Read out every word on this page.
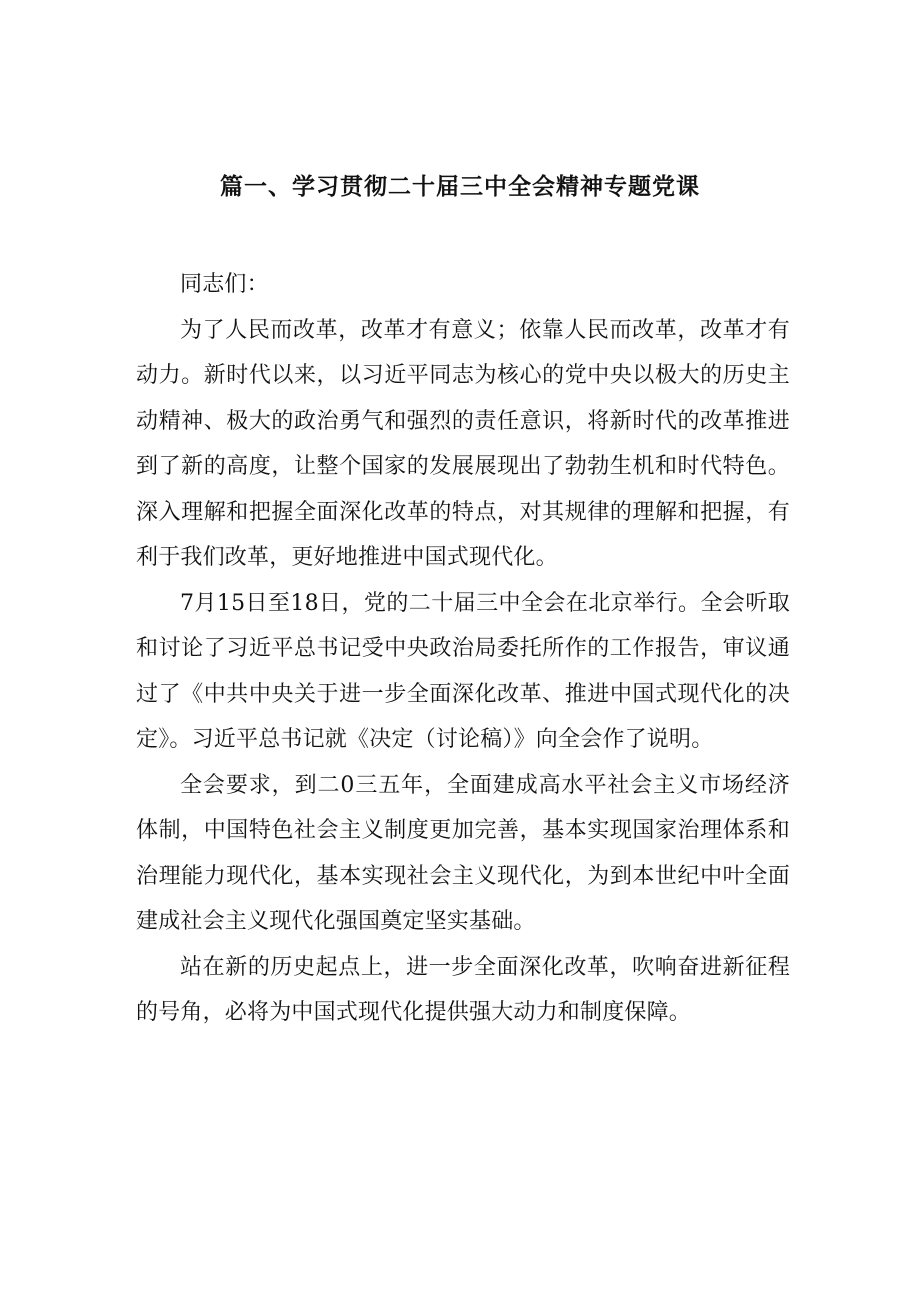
篇一、学习贯彻二十届三中全会精神专题党课

同志们：

为了人民而改革，改革才有意义；依靠人民而改革，改革才有动力。新时代以来，以习近平同志为核心的党中央以极大的历史主动精神、极大的政治勇气和强烈的责任意识，将新时代的改革推进到了新的高度，让整个国家的发展展现出了勃勃生机和时代特色。深入理解和把握全面深化改革的特点，对其规律的理解和把握，有利于我们改革，更好地推进中国式现代化。

7月15日至18日，党的二十届三中全会在北京举行。全会听取和讨论了习近平总书记受中央政治局委托所作的工作报告，审议通过了《中共中央关于进一步全面深化改革、推进中国式现代化的决定》。习近平总书记就《决定（讨论稿）》向全会作了说明。

全会要求，到二0三五年，全面建成高水平社会主义市场经济体制，中国特色社会主义制度更加完善，基本实现国家治理体系和治理能力现代化，基本实现社会主义现代化，为到本世纪中叶全面建成社会主义现代化强国奠定坚实基础。

站在新的历史起点上，进一步全面深化改革，吹响奋进新征程的号角，必将为中国式现代化提供强大动力和制度保障。
